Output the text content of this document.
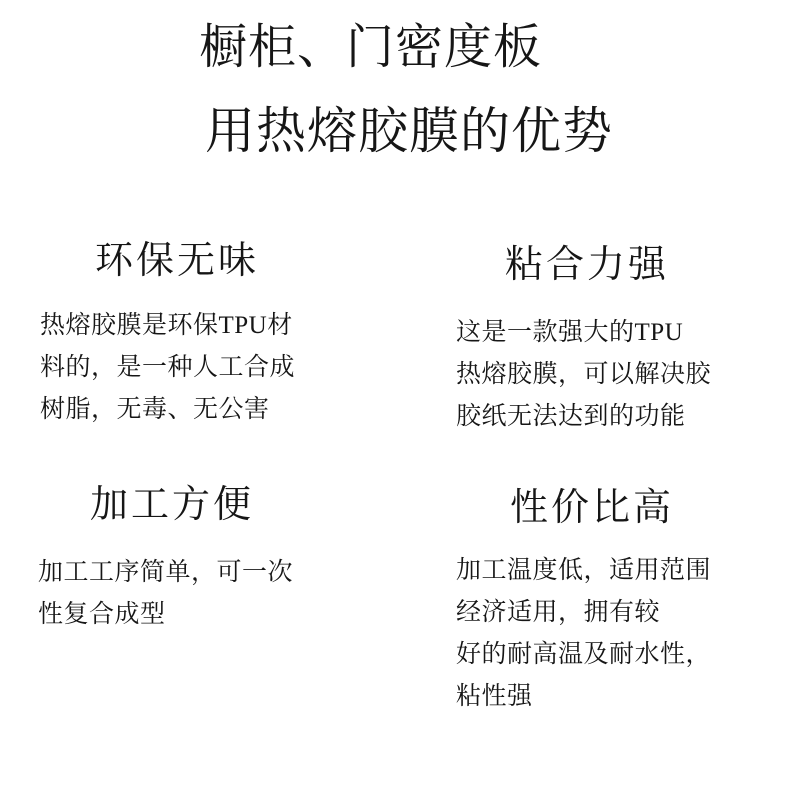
橱柜、门密度板
用热熔胶膜的优势
环保无味

热熔胶膜是环保TPU材
料的，是一种人工合成
树脂，无毒、无公害

粘合力强

这是一款强大的TPU
热熔胶膜，可以解决胶
胶纸无法达到的功能

加工方便

加工工序简单，可一次
性复合成型

性价比高

加工温度低，适用范围
经济适用，拥有较
好的耐高温及耐水性，
粘性强
